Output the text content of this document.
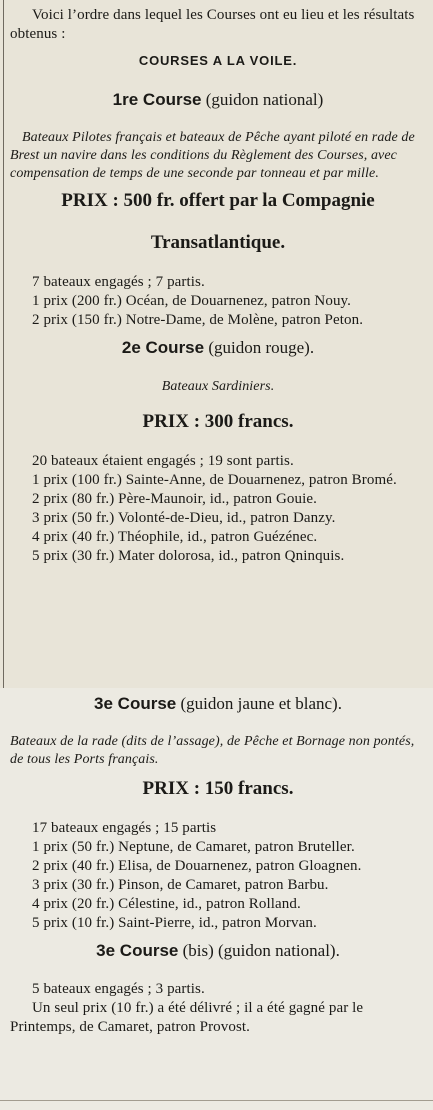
Voici l’ordre dans lequel les Courses ont eu lieu et les résultats obtenus :

COURSES A LA VOILE.

1re Course (guidon national)

Bateaux Pilotes français et bateaux de Pêche ayant piloté en rade de Brest un navire dans les conditions du Règlement des Courses, avec compensation de temps de une seconde par tonneau et par mille.

PRIX : 500 fr. offert par la Compagnie

Transatlantique.

7 bateaux engagés ; 7 partis.

1 prix (200 fr.) Océan, de Douarnenez, patron Nouy.

2 prix (150 fr.) Notre-Dame, de Molène, patron Peton.

2e Course (guidon rouge).

Bateaux Sardiniers.

PRIX : 300 francs.

20 bateaux étaient engagés ; 19 sont partis.

1 prix (100 fr.) Sainte-Anne, de Douarnenez, patron Bromé.

2 prix (80 fr.) Père-Maunoir, id., patron Gouie.

3 prix (50 fr.) Volonté-de-Dieu, id., patron Danzy.

4 prix (40 fr.) Théophile, id., patron Guézénec.

5 prix (30 fr.) Mater dolorosa, id., patron Qninquis.

3e Course (guidon jaune et blanc).

Bateaux de la rade (dits de l’assage), de Pêche et Bornage non pontés, de tous les Ports français.

PRIX : 150 francs.

17 bateaux engagés ; 15 partis

1 prix (50 fr.) Neptune, de Camaret, patron Bruteller.

2 prix (40 fr.) Elisa, de Douarnenez, patron Gloagnen.

3 prix (30 fr.) Pinson, de Camaret, patron Barbu.

4 prix (20 fr.) Célestine, id., patron Rolland.

5 prix (10 fr.) Saint-Pierre, id., patron Morvan.

3e Course (bis) (guidon national).

5 bateaux engagés ; 3 partis.

Un seul prix (10 fr.) a été délivré ; il a été gagné par le Printemps, de Camaret, patron Provost.
